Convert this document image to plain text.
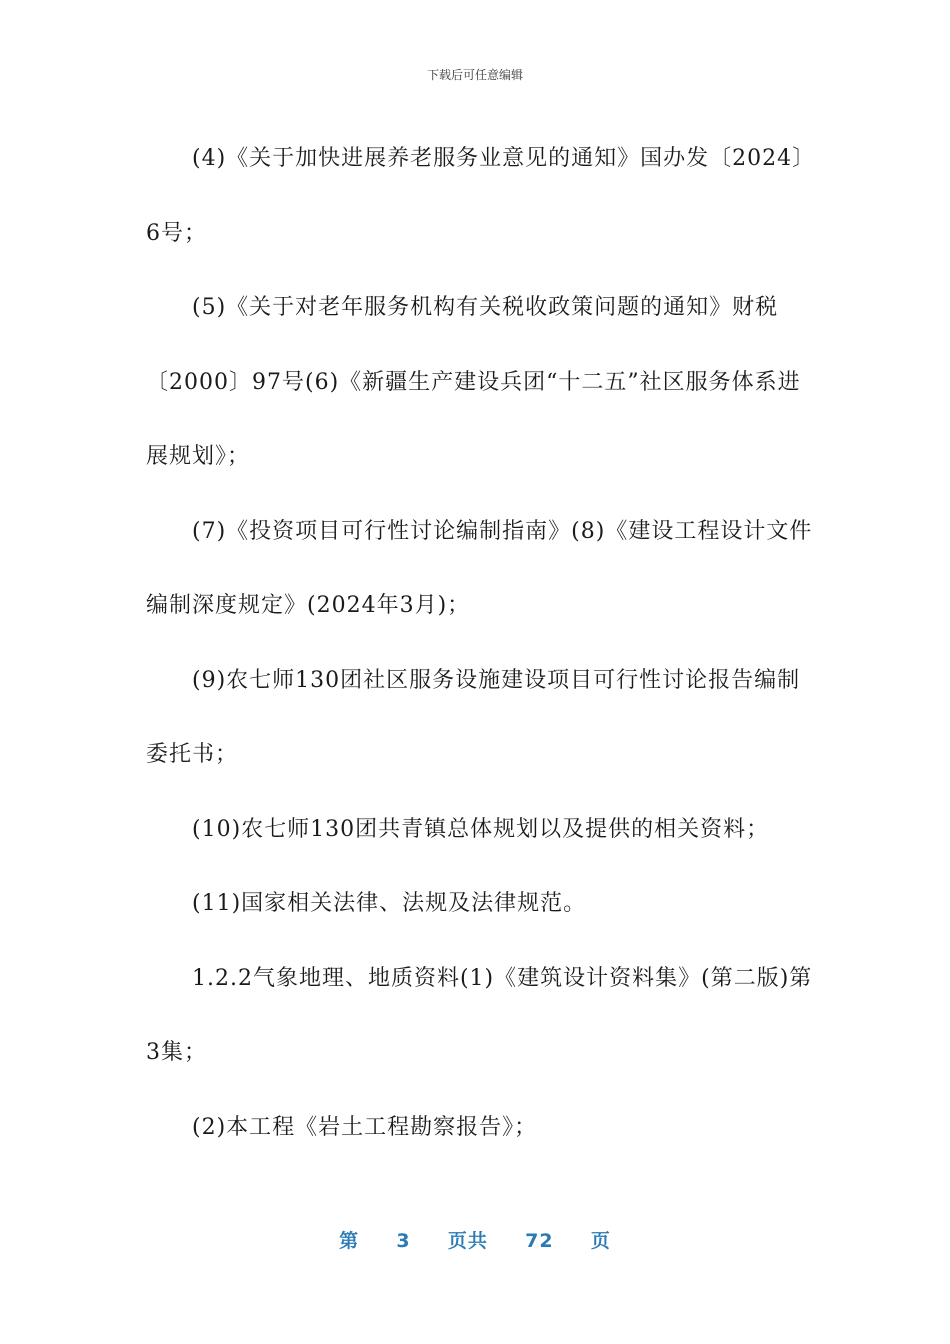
下载后可任意编辑

(4)《关于加快进展养老服务业意见的通知》国办发〔2024〕6号；

(5)《关于对老年服务机构有关税收政策问题的通知》财税〔2000〕97号(6)《新疆生产建设兵团“十二五”社区服务体系进展规划》；

(7)《投资项目可行性讨论编制指南》(8)《建设工程设计文件编制深度规定》(2024年3月)；

(9)农七师130团社区服务设施建设项目可行性讨论报告编制委托书；

(10)农七师130团共青镇总体规划以及提供的相关资料；

(11)国家相关法律、法规及法律规范。

1.2.2气象地理、地质资料(1)《建筑设计资料集》(第二版)第3集；

(2)本工程《岩土工程勘察报告》；

第 3 页共 72 页
